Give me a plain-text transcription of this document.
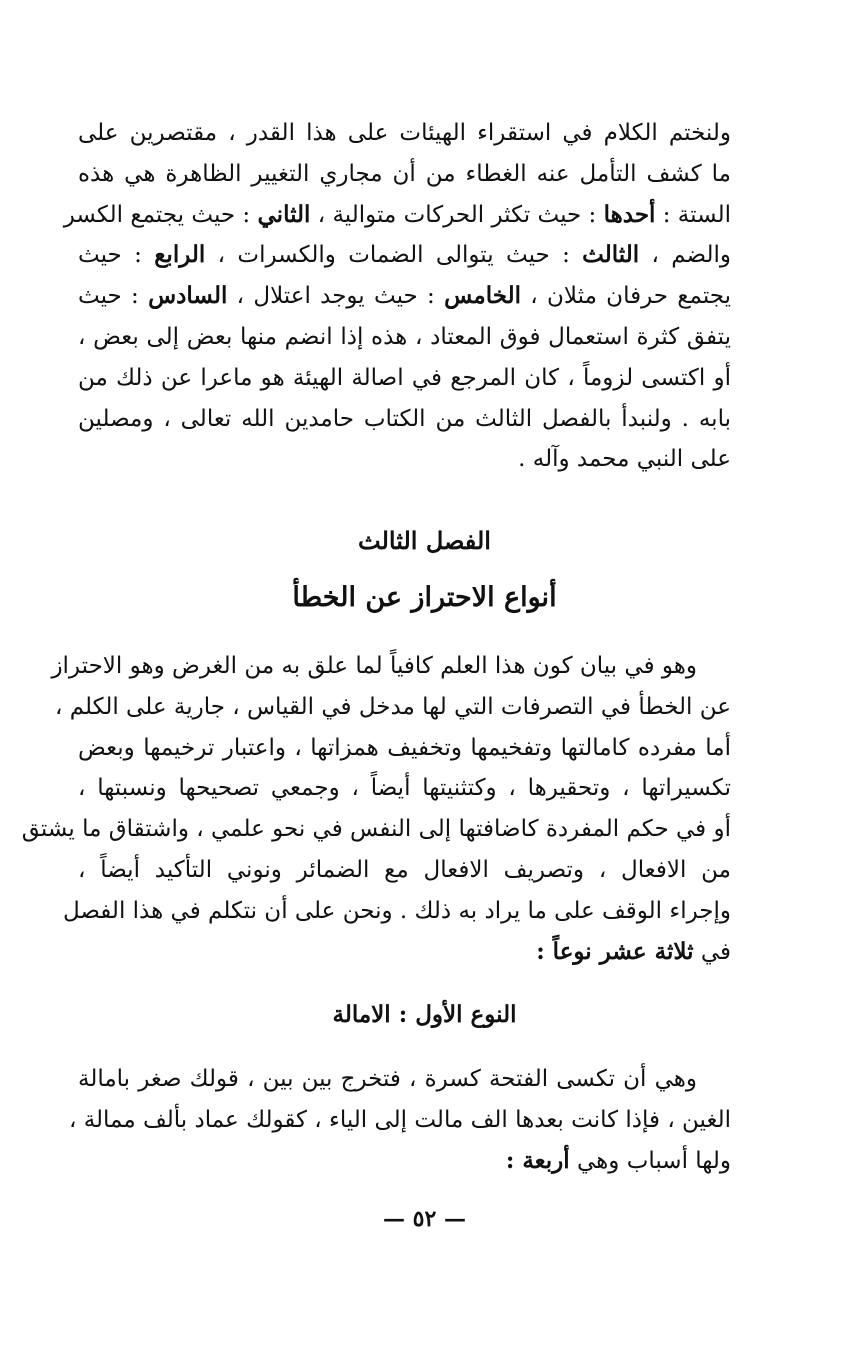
ولنختم الكلام في استقراء الهيئات على هذا القدر ، مقتصرين على
ما كشف التأمل عنه الغطاء من أن مجاري التغيير الظاهرة هي هذه
الستة : أحدها : حيث تكثر الحركات متوالية ، الثاني : حيث يجتمع الكسر
والضم ، الثالث : حيث يتوالى الضمات والكسرات ، الرابع : حيث
يجتمع حرفان مثلان ، الخامس : حيث يوجد اعتلال ، السادس : حيث
يتفق كثرة استعمال فوق المعتاد ، هذه إذا انضم منها بعض إلى بعض ،
أو اكتسى لزوماً ، كان المرجع في اصالة الهيئة هو ماعرا عن ذلك من
بابه . ولنبدأ بالفصل الثالث من الكتاب حامدين الله تعالى ، ومصلين
على النبي محمد وآله .
الفصل الثالث
أنواع الاحتراز عن الخطأ
وهو في بيان كون هذا العلم كافياً لما علق به من الغرض وهو الاحتراز
عن الخطأ في التصرفات التي لها مدخل في القياس ، جارية على الكلم ،
أما مفرده كامالتها وتفخيمها وتخفيف همزاتها ، واعتبار ترخيمها وبعض
تكسيراتها ، وتحقيرها ، وكتثنيتها أيضاً ، وجمعي تصحيحها ونسبتها ،
أو في حكم المفردة كاضافتها إلى النفس في نحو علمي ، واشتقاق ما يشتق
من الافعال ، وتصريف الافعال مع الضمائر ونوني التأكيد أيضاً ،
وإجراء الوقف على ما يراد به ذلك . ونحن على أن نتكلم في هذا الفصل
في ثلاثة عشر نوعاً :
النوع الأول : الامالة
وهي أن تكسى الفتحة كسرة ، فتخرج بين بين ، قولك صغر بامالة
الغين ، فإذا كانت بعدها الف مالت إلى الياء ، كقولك عماد بألف ممالة ،
ولها أسباب وهي أربعة :
— ٥٢ —
